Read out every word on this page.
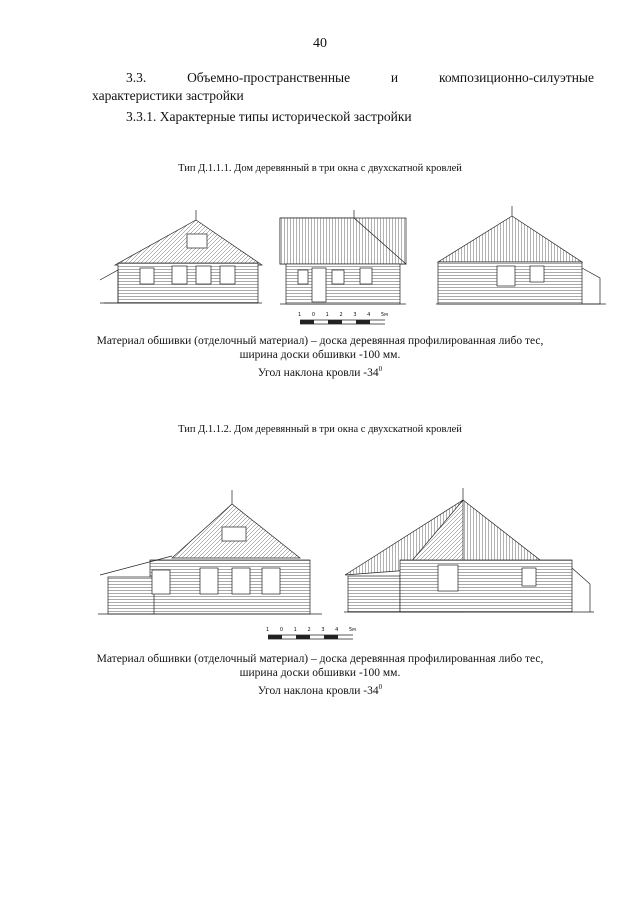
40
3.3.	Объемно-пространственные	и	композиционно-силуэтные
характеристики застройки
3.3.1. Характерные типы исторической застройки
Тип Д.1.1.1. Дом деревянный в три окна с двухскатной кровлей
1 0 1 2 3 4 5м
Материал обшивки (отделочный материал) – доска деревянная профилированная либо тес,
ширина доски обшивки -100 мм.
Угол наклона кровли $-34^0$
Тип Д.1.1.2. Дом деревянный в три окна с двухскатной кровлей
1 0 1 2 3 4 5м
Материал обшивки (отделочный материал) – доска деревянная профилированная либо тес,
ширина доски обшивки -100 мм.
Угол наклона кровли $-34^0$
